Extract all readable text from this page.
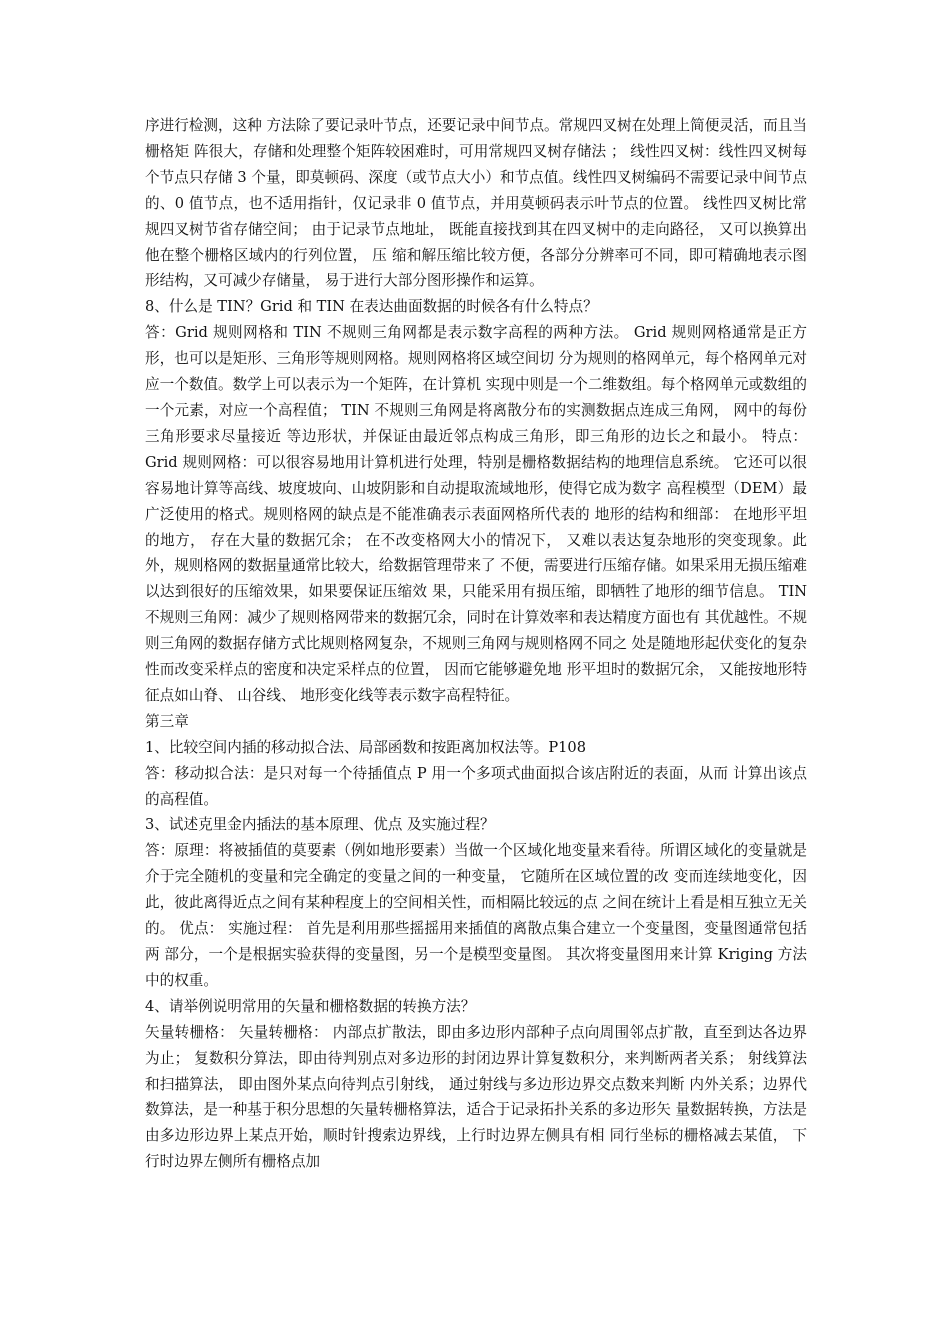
序进行检测，这种 方法除了要记录叶节点，还要记录中间节点。常规四叉树在处理上简便灵活，而且当栅格矩 阵很大，存储和处理整个矩阵较困难时，可用常规四叉树存储法 ； 线性四叉树：线性四叉树每个节点只存储 3 个量，即莫顿码、深度（或节点大小）和节点值。线性四叉树编码不需要记录中间节点的、0 值节点，也不适用指针，仅记录非 0 值节点，并用莫顿码表示叶节点的位置。 线性四叉树比常规四叉树节省存储空间； 由于记录节点地址， 既能直接找到其在四叉树中的走向路径， 又可以换算出他在整个栅格区域内的行列位置， 压 缩和解压缩比较方便，各部分分辨率可不同，即可精确地表示图形结构，又可减少存储量， 易于进行大部分图形操作和运算。

8、什么是 TIN？Grid 和 TIN 在表达曲面数据的时候各有什么特点？

答：Grid 规则网格和 TIN 不规则三角网都是表示数字高程的两种方法。 Grid 规则网格通常是正方形，也可以是矩形、三角形等规则网格。规则网格将区域空间切 分为规则的格网单元，每个格网单元对应一个数值。数学上可以表示为一个矩阵，在计算机 实现中则是一个二维数组。每个格网单元或数组的一个元素，对应一个高程值； TIN 不规则三角网是将离散分布的实测数据点连成三角网， 网中的每份三角形要求尽量接近 等边形状，并保证由最近邻点构成三角形，即三角形的边长之和最小。 特点： Grid 规则网格：可以很容易地用计算机进行处理，特别是栅格数据结构的地理信息系统。 它还可以很容易地计算等高线、坡度坡向、山坡阴影和自动提取流域地形，使得它成为数字 高程模型（DEM）最广泛使用的格式。规则格网的缺点是不能准确表示表面网格所代表的 地形的结构和细部： 在地形平坦的地方， 存在大量的数据冗余； 在不改变格网大小的情况下， 又难以表达复杂地形的突变现象。此外，规则格网的数据量通常比较大，给数据管理带来了 不便，需要进行压缩存储。如果采用无损压缩难以达到很好的压缩效果，如果要保证压缩效 果，只能采用有损压缩，即牺牲了地形的细节信息。 TIN 不规则三角网：减少了规则格网带来的数据冗余，同时在计算效率和表达精度方面也有 其优越性。不规则三角网的数据存储方式比规则格网复杂，不规则三角网与规则格网不同之 处是随地形起伏变化的复杂性而改变采样点的密度和决定采样点的位置， 因而它能够避免地 形平坦时的数据冗余， 又能按地形特征点如山脊、 山谷线、 地形变化线等表示数字高程特征。

第三章

1、比较空间内插的移动拟合法、局部函数和按距离加权法等。P108

答：移动拟合法：是只对每一个待插值点 P 用一个多项式曲面拟合该店附近的表面，从而 计算出该点的高程值。

3、试述克里金内插法的基本原理、优点 及实施过程？

答：原理：将被插值的莫要素（例如地形要素）当做一个区域化地变量来看待。所谓区域化的变量就是介于完全随机的变量和完全确定的变量之间的一种变量， 它随所在区域位置的改 变而连续地变化，因此，彼此离得近点之间有某种程度上的空间相关性，而相隔比较远的点 之间在统计上看是相互独立无关的。 优点： 实施过程： 首先是利用那些摇摇用来插值的离散点集合建立一个变量图，变量图通常包括两 部分，一个是根据实验获得的变量图，另一个是模型变量图。 其次将变量图用来计算 Kriging 方法中的权重。

4、请举例说明常用的矢量和栅格数据的转换方法？

矢量转栅格： 矢量转栅格： 内部点扩散法，即由多边形内部种子点向周围邻点扩散，直至到达各边界为止； 复数积分算法，即由待判别点对多边形的封闭边界计算复数积分，来判断两者关系； 射线算法和扫描算法， 即由图外某点向待判点引射线， 通过射线与多边形边界交点数来判断 内外关系；边界代数算法，是一种基于积分思想的矢量转栅格算法，适合于记录拓扑关系的多边形矢 量数据转换，方法是由多边形边界上某点开始，顺时针搜索边界线，上行时边界左侧具有相 同行坐标的栅格减去某值， 下行时边界左侧所有栅格点加
